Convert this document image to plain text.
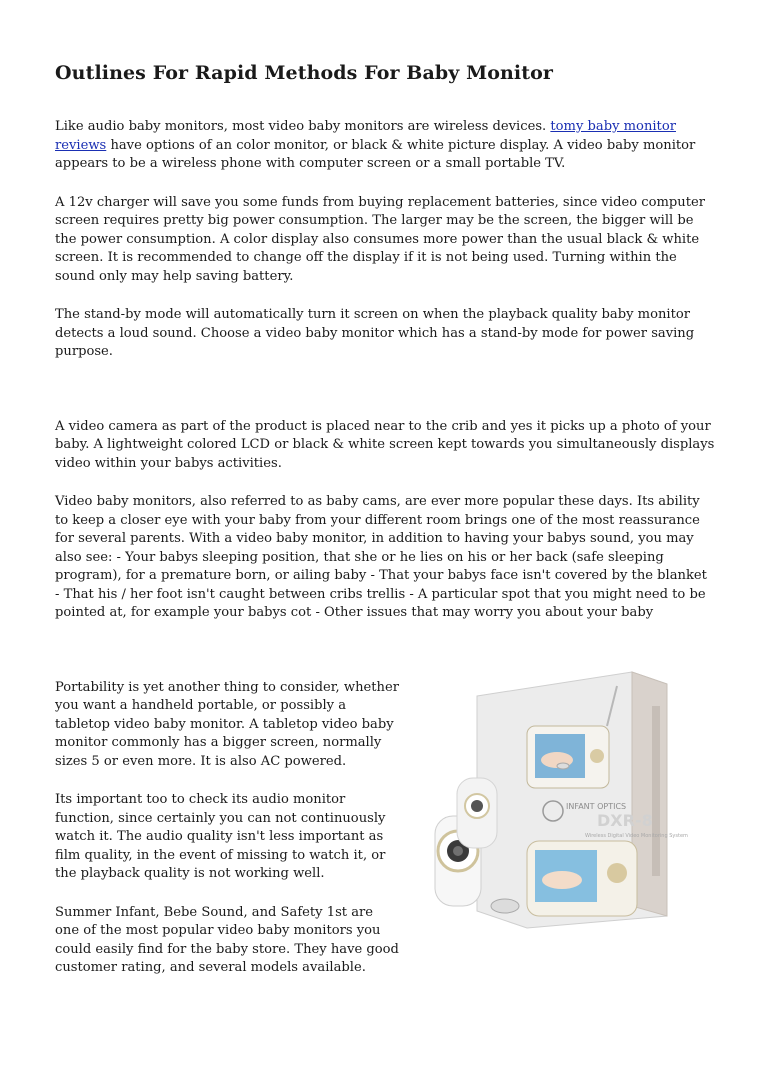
Outlines For Rapid Methods For Baby Monitor

Like audio baby monitors, most video baby monitors are wireless devices. tomy baby monitor reviews have options of an color monitor, or black & white picture display. A video baby monitor appears to be a wireless phone with computer screen or a small portable TV.

A 12v charger will save you some funds from buying replacement batteries, since video computer screen requires pretty big power consumption. The larger may be the screen, the bigger will be the power consumption. A color display also consumes more power than the usual black & white screen. It is recommended to change off the display if it is not being used. Turning within the sound only may help saving battery.

The stand-by mode will automatically turn it screen on when the playback quality baby monitor detects a loud sound. Choose a video baby monitor which has a stand-by mode for power saving purpose.

A video camera as part of the product is placed near to the crib and yes it picks up a photo of your baby. A lightweight colored LCD or black & white screen kept towards you simultaneously displays video within your babys activities.

Video baby monitors, also referred to as baby cams, are ever more popular these days. Its ability to keep a closer eye with your baby from your different room brings one of the most reassurance for several parents. With a video baby monitor, in addition to having your babys sound, you may also see: - Your babys sleeping position, that she or he lies on his or her back (safe sleeping program), for a premature born, or ailing baby - That your babys face isn't covered by the blanket - That his / her foot isn't caught between cribs trellis - A particular spot that you might need to be pointed at, for example your babys cot - Other issues that may worry you about your baby

Portability is yet another thing to consider, whether you want a handheld portable, or possibly a tabletop video baby monitor. A tabletop video baby monitor commonly has a bigger screen, normally sizes 5 or even more. It is also AC powered.

Its important too to check its audio monitor function, since certainly you can not continuously watch it. The audio quality isn't less important as film quality, in the event of missing to watch it, or the playback quality is not working well.

Summer Infant, Bebe Sound, and Safety 1st are one of the most popular video baby monitors you could easily find for the baby store. They have good customer rating, and several models available.

INFANT OPTICS
DXR-8
Wireless Digital Video Monitoring System
